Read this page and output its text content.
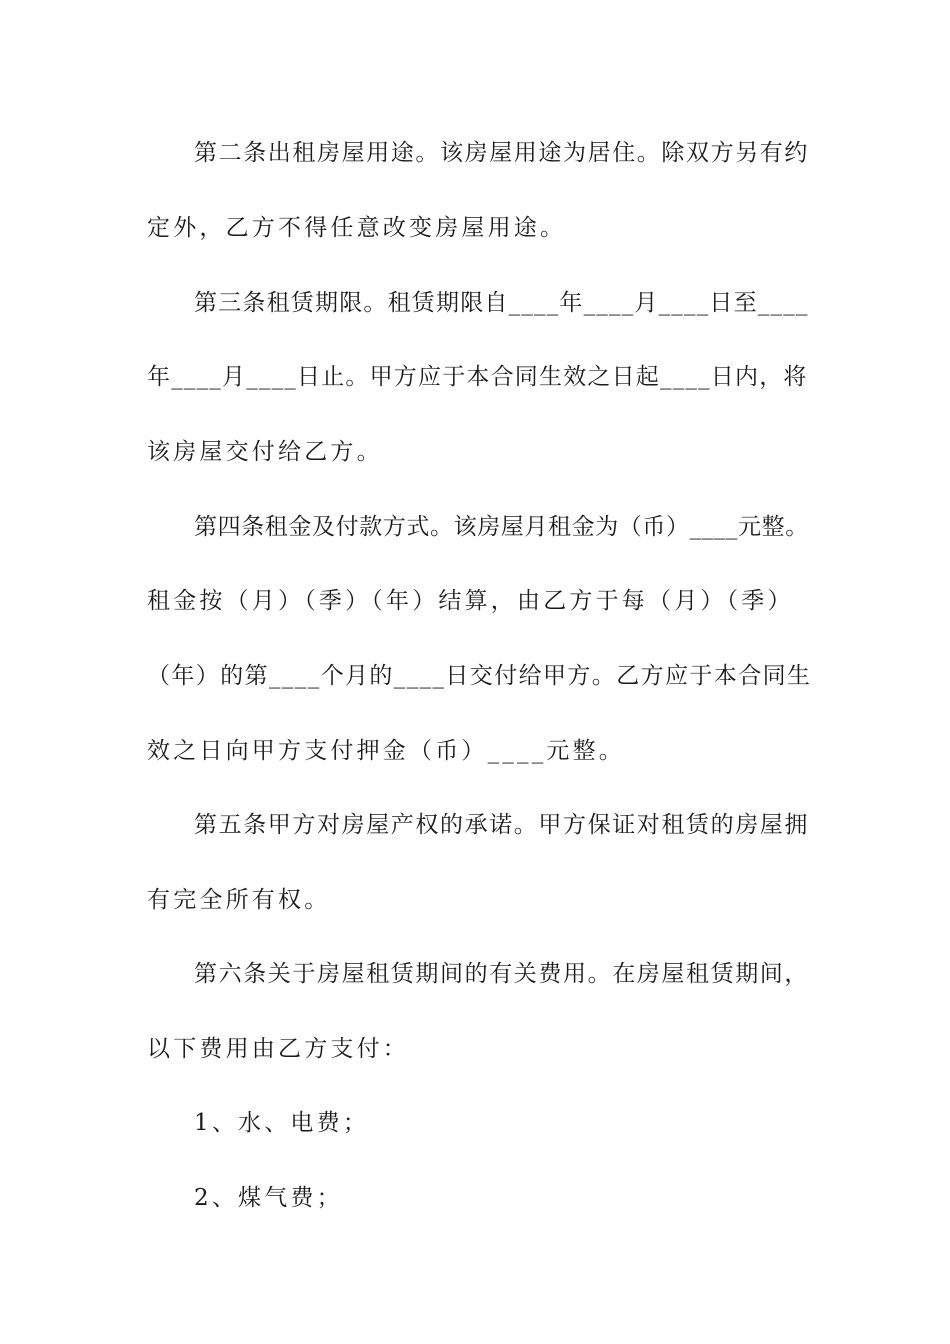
第二条出租房屋用途。该房屋用途为居住。除双方另有约
定外，乙方不得任意改变房屋用途。
第三条租赁期限。租赁期限自____年____月____日至____
年____月____日止。甲方应于本合同生效之日起____日内，将
该房屋交付给乙方。
第四条租金及付款方式。该房屋月租金为（币）____元整。
租金按（月）（季）（年）结算，由乙方于每（月）（季）
（年）的第____个月的____日交付给甲方。乙方应于本合同生
效之日向甲方支付押金（币）____元整。
第五条甲方对房屋产权的承诺。甲方保证对租赁的房屋拥
有完全所有权。
第六条关于房屋租赁期间的有关费用。在房屋租赁期间，
以下费用由乙方支付：
1、水、电费；
2、煤气费；
